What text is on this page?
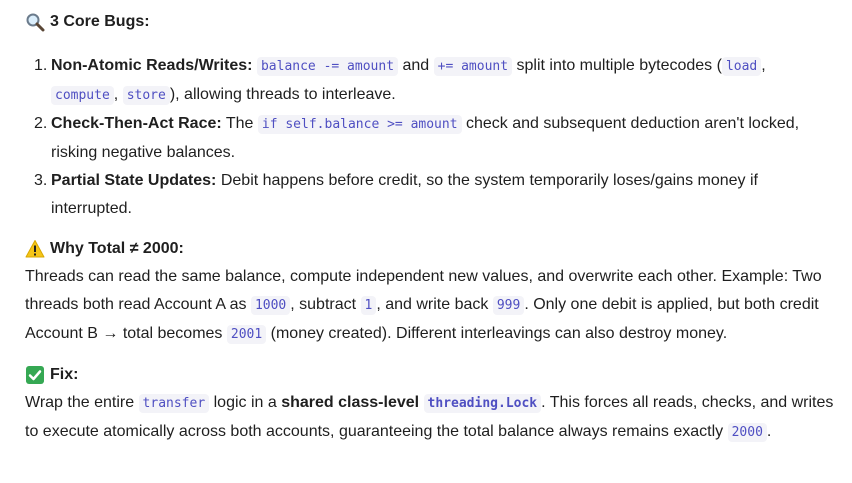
3 Core Bugs:
1. Non-Atomic Reads/Writes: balance -= amount and += amount split into multiple bytecodes ( load , compute , store ), allowing threads to interleave.
2. Check-Then-Act Race: The if self.balance >= amount check and subsequent deduction aren't locked, risking negative balances.
3. Partial State Updates: Debit happens before credit, so the system temporarily loses/gains money if interrupted.
Why Total ≠ 2000:

Threads can read the same balance, compute independent new values, and overwrite each other. Example: Two threads both read Account A as 1000 , subtract 1 , and write back 999 . Only one debit is applied, but both credit Account B → total becomes 2001 (money created). Different interleavings can also destroy money.

Fix:

Wrap the entire transfer logic in a shared class-level threading.Lock . This forces all reads, checks, and writes to execute atomically across both accounts, guaranteeing the total balance always remains exactly 2000 .
